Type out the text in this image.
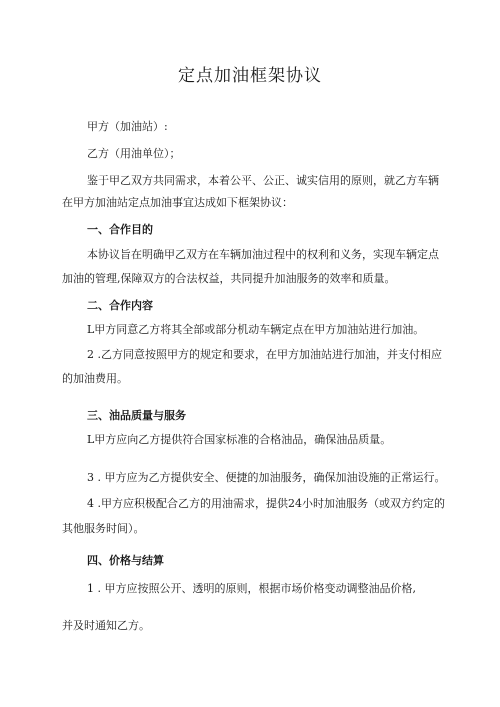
定点加油框架协议
甲方（加油站）:
乙方（用油单位）；
鉴于甲乙双方共同需求，本着公平、公正、诚实信用的原则，就乙方车辆
在甲方加油站定点加油事宜达成如下框架协议：
一、合作目的
本协议旨在明确甲乙双方在车辆加油过程中的权利和义务，实现车辆定点
加油的管理,保障双方的合法权益，共同提升加油服务的效率和质量。
二、合作内容
L甲方同意乙方将其全部或部分机动车辆定点在甲方加油站进行加油。
2 .乙方同意按照甲方的规定和要求，在甲方加油站进行加油，并支付相应
的加油费用。
三、油品质量与服务
L甲方应向乙方提供符合国家标准的合格油品，确保油品质量。
3 . 甲方应为乙方提供安全、便捷的加油服务，确保加油设施的正常运行。
4 .甲方应积极配合乙方的用油需求，提供24小时加油服务（或双方约定的
其他服务时间）。
四、价格与结算
1 . 甲方应按照公开、透明的原则，根据市场价格变动调整油品价格,
并及时通知乙方。
